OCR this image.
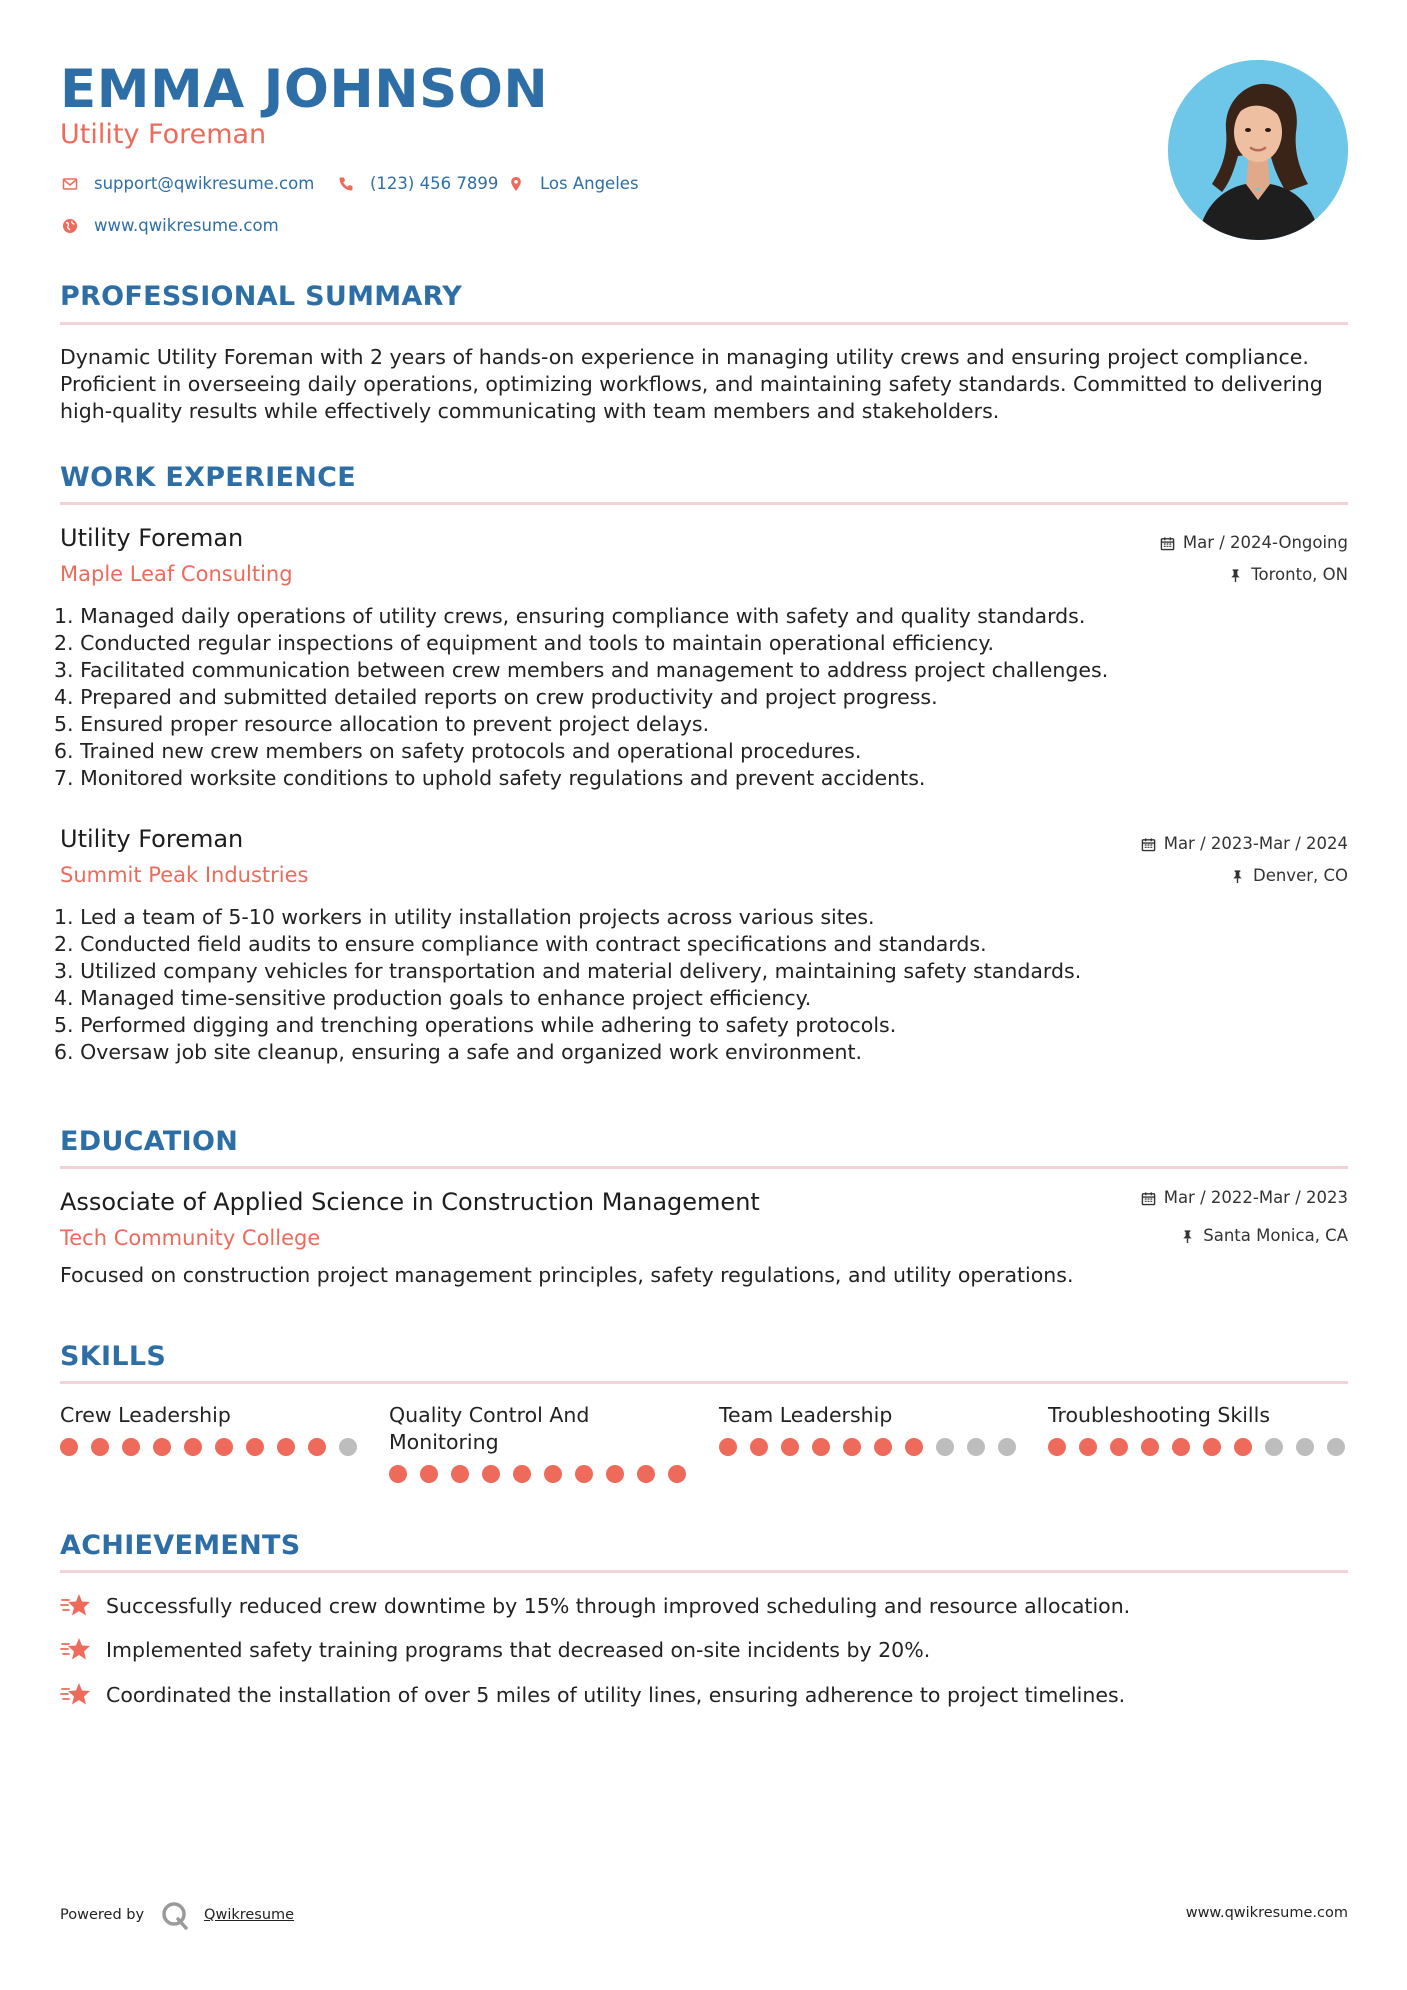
EMMA JOHNSON
Utility Foreman
support@qwikresume.com	(123) 456 7899	Los Angeles
www.qwikresume.com
PROFESSIONAL SUMMARY
Dynamic Utility Foreman with 2 years of hands-on experience in managing utility crews and ensuring project compliance. Proficient in overseeing daily operations, optimizing workflows, and maintaining safety standards. Committed to delivering high-quality results while effectively communicating with team members and stakeholders.
WORK EXPERIENCE
Utility Foreman
Maple Leaf Consulting
Mar / 2024-Ongoing
Toronto, ON
1. Managed daily operations of utility crews, ensuring compliance with safety and quality standards.
2. Conducted regular inspections of equipment and tools to maintain operational efficiency.
3. Facilitated communication between crew members and management to address project challenges.
4. Prepared and submitted detailed reports on crew productivity and project progress.
5. Ensured proper resource allocation to prevent project delays.
6. Trained new crew members on safety protocols and operational procedures.
7. Monitored worksite conditions to uphold safety regulations and prevent accidents.
Utility Foreman
Summit Peak Industries
Mar / 2023-Mar / 2024
Denver, CO
1. Led a team of 5-10 workers in utility installation projects across various sites.
2. Conducted field audits to ensure compliance with contract specifications and standards.
3. Utilized company vehicles for transportation and material delivery, maintaining safety standards.
4. Managed time-sensitive production goals to enhance project efficiency.
5. Performed digging and trenching operations while adhering to safety protocols.
6. Oversaw job site cleanup, ensuring a safe and organized work environment.
EDUCATION
Associate of Applied Science in Construction Management
Tech Community College
Mar / 2022-Mar / 2023
Santa Monica, CA
Focused on construction project management principles, safety regulations, and utility operations.
SKILLS
Crew Leadership	Quality Control And Monitoring
Team Leadership	Troubleshooting Skills
ACHIEVEMENTS
Successfully reduced crew downtime by 15% through improved scheduling and resource allocation.
Implemented safety training programs that decreased on-site incidents by 20%.
Coordinated the installation of over 5 miles of utility lines, ensuring adherence to project timelines.
Powered by	Qwikresume	www.qwikresume.com
